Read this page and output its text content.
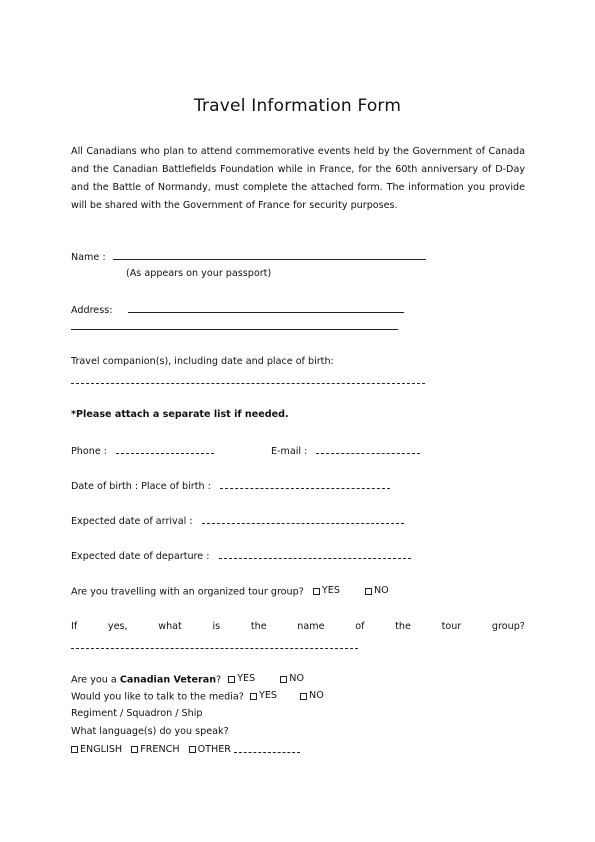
Travel Information Form
All Canadians who plan to attend commemorative events held by the Government of Canada and the Canadian Battlefields Foundation while in France, for the 60th anniversary of D-Day and the Battle of Normandy, must complete the attached form. The information you provide will be shared with the Government of France for security purposes.
Name :
(As appears on your passport)
Address:
Travel companion(s), including date and place of birth:
*Please attach a separate list if needed.
Phone :	E-mail :
Date of birth : Place of birth :
Expected date of arrival :
Expected date of departure :
Are you travelling with an organized tour group? YES
	NO
If	yes,	what	is	the	name	of	the	tour	group?
Are you a Canadian Veteran? YES
	NO
Would you like to talk to the media? YES
	NO
Regiment / Squadron / Ship
What language(s) do you speak?
ENGLISH
FRENCH
OTHER
